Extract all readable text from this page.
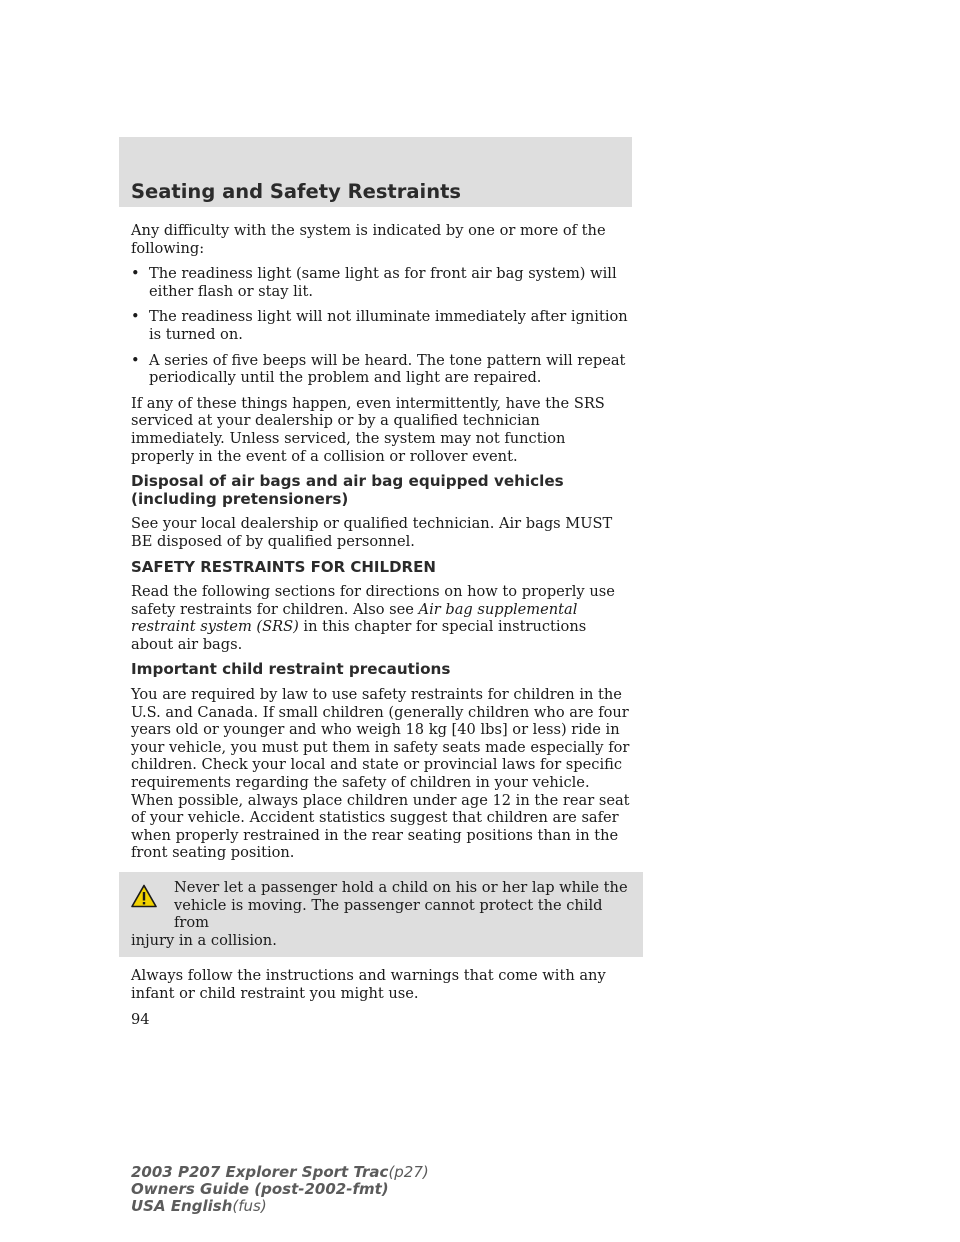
Seating and Safety Restraints

Any difficulty with the system is indicated by one or more of the following:

• The readiness light (same light as for front air bag system) will either flash or stay lit.
• The readiness light will not illuminate immediately after ignition is turned on.
• A series of five beeps will be heard. The tone pattern will repeat periodically until the problem and light are repaired.

If any of these things happen, even intermittently, have the SRS serviced at your dealership or by a qualified technician immediately. Unless serviced, the system may not function properly in the event of a collision or rollover event.

Disposal of air bags and air bag equipped vehicles
(including pretensioners)

See your local dealership or qualified technician. Air bags MUST BE disposed of by qualified personnel.

SAFETY RESTRAINTS FOR CHILDREN

Read the following sections for directions on how to properly use safety restraints for children. Also see Air bag supplemental restraint system (SRS) in this chapter for special instructions about air bags.

Important child restraint precautions

You are required by law to use safety restraints for children in the U.S. and Canada. If small children (generally children who are four years old or younger and who weigh 18 kg [40 lbs] or less) ride in your vehicle, you must put them in safety seats made especially for children. Check your local and state or provincial laws for specific requirements regarding the safety of children in your vehicle. When possible, always place children under age 12 in the rear seat of your vehicle. Accident statistics suggest that children are safer when properly restrained in the rear seating positions than in the front seating position.

Never let a passenger hold a child on his or her lap while the
vehicle is moving. The passenger cannot protect the child from
injury in a collision.

Always follow the instructions and warnings that come with any infant or child restraint you might use.

94
2003 P207 Explorer Sport Trac(p27)
Owners Guide (post-2002-fmt)
USA English(fus)
